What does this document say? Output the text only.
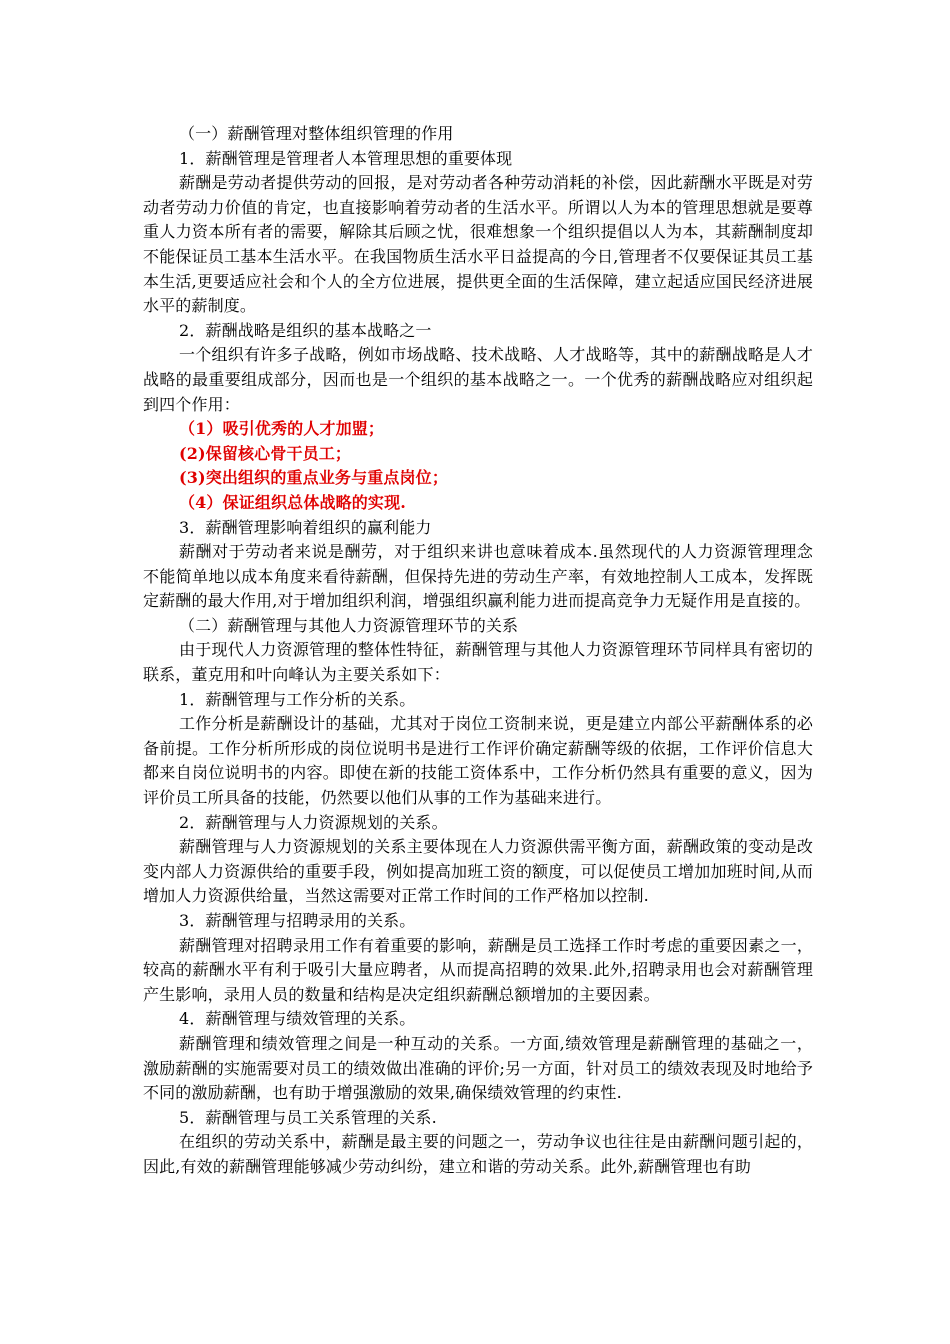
（一）薪酬管理对整体组织管理的作用

1．薪酬管理是管理者人本管理思想的重要体现

薪酬是劳动者提供劳动的回报，是对劳动者各种劳动消耗的补偿，因此薪酬水平既是对劳动者劳动力价值的肯定，也直接影响着劳动者的生活水平。所谓以人为本的管理思想就是要尊重人力资本所有者的需要，解除其后顾之忧，很难想象一个组织提倡以人为本，其薪酬制度却不能保证员工基本生活水平。在我国物质生活水平日益提高的今日,管理者不仅要保证其员工基本生活,更要适应社会和个人的全方位进展，提供更全面的生活保障，建立起适应国民经济进展水平的薪制度。

2．薪酬战略是组织的基本战略之一

一个组织有许多子战略，例如市场战略、技术战略、人才战略等，其中的薪酬战略是人才战略的最重要组成部分，因而也是一个组织的基本战略之一。一个优秀的薪酬战略应对组织起到四个作用：

（1）吸引优秀的人才加盟；

(2)保留核心骨干员工；

(3)突出组织的重点业务与重点岗位；

（4）保证组织总体战略的实现.

3．薪酬管理影响着组织的赢利能力

薪酬对于劳动者来说是酬劳，对于组织来讲也意味着成本.虽然现代的人力资源管理理念不能简单地以成本角度来看待薪酬，但保持先进的劳动生产率，有效地控制人工成本，发挥既定薪酬的最大作用,对于增加组织利润，增强组织赢利能力进而提高竞争力无疑作用是直接的。

（二）薪酬管理与其他人力资源管理环节的关系

由于现代人力资源管理的整体性特征，薪酬管理与其他人力资源管理环节同样具有密切的联系，董克用和叶向峰认为主要关系如下：

1．薪酬管理与工作分析的关系。

工作分析是薪酬设计的基础，尤其对于岗位工资制来说，更是建立内部公平薪酬体系的必备前提。工作分析所形成的岗位说明书是进行工作评价确定薪酬等级的依据，工作评价信息大都来自岗位说明书的内容。即使在新的技能工资体系中，工作分析仍然具有重要的意义，因为评价员工所具备的技能，仍然要以他们从事的工作为基础来进行。

2．薪酬管理与人力资源规划的关系。

薪酬管理与人力资源规划的关系主要体现在人力资源供需平衡方面，薪酬政策的变动是改变内部人力资源供给的重要手段，例如提高加班工资的额度，可以促使员工增加加班时间,从而增加人力资源供给量，当然这需要对正常工作时间的工作严格加以控制.

3．薪酬管理与招聘录用的关系。

薪酬管理对招聘录用工作有着重要的影响，薪酬是员工选择工作时考虑的重要因素之一，较高的薪酬水平有利于吸引大量应聘者，从而提高招聘的效果.此外,招聘录用也会对薪酬管理产生影响，录用人员的数量和结构是决定组织薪酬总额增加的主要因素。

4．薪酬管理与绩效管理的关系。

薪酬管理和绩效管理之间是一种互动的关系。一方面,绩效管理是薪酬管理的基础之一，激励薪酬的实施需要对员工的绩效做出准确的评价;另一方面，针对员工的绩效表现及时地给予不同的激励薪酬，也有助于增强激励的效果,确保绩效管理的约束性.

5．薪酬管理与员工关系管理的关系.

在组织的劳动关系中，薪酬是最主要的问题之一，劳动争议也往往是由薪酬问题引起的，因此,有效的薪酬管理能够减少劳动纠纷，建立和谐的劳动关系。此外,薪酬管理也有助
